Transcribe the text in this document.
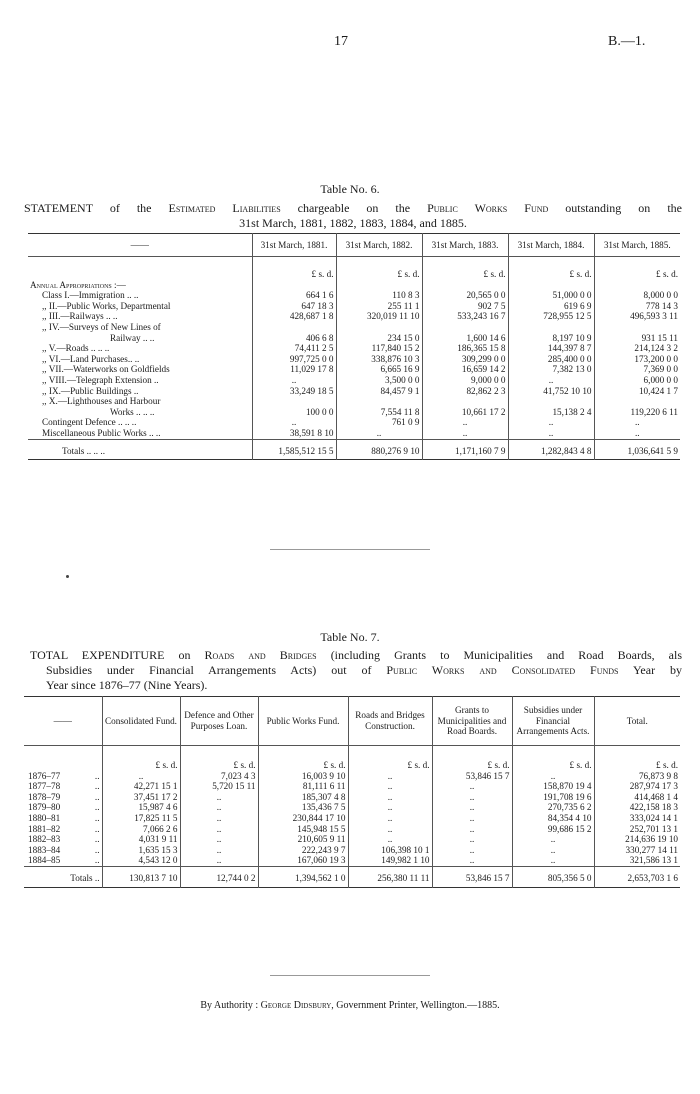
17	B.—1.
Table No. 6.
STATEMENT of the Estimated Liabilities chargeable on the Public Works Fund outstanding on the
31st March, 1881, 1882, 1883, 1884, and 1885.
——	31st March, 1881.	31st March, 1882.	31st March, 1883.	31st March, 1884.	31st March, 1885.
	£ s. d.	£ s. d.	£ s. d.	£ s. d.	£ s. d.
Annual Appropriations :—					
Class I.—Immigration .. ..	664 1 6	110 8 3	20,565 0 0	51,000 0 0	8,000 0 0
,, II.—Public Works, Departmental	647 18 3	255 11 1	902 7 5	619 6 9	778 14 3
,, III.—Railways .. ..	428,687 1 8	320,019 11 10	533,243 16 7	728,955 12 5	496,593 3 11
,, IV.—Surveys of New Lines of					
Railway .. ..	406 6 8	234 15 0	1,600 14 6	8,197 10 9	931 15 11
,, V.—Roads .. .. ..	74,411 2 5	117,840 15 2	186,365 15 8	144,397 8 7	214,124 3 2
,, VI.—Land Purchases.. ..	997,725 0 0	338,876 10 3	309,299 0 0	285,400 0 0	173,200 0 0
,, VII.—Waterworks on Goldfields	11,029 17 8	6,665 16 9	16,659 14 2	7,382 13 0	7,369 0 0
,, VIII.—Telegraph Extension ..	..	3,500 0 0	9,000 0 0	..	6,000 0 0
,, IX.—Public Buildings ..	33,249 18 5	84,457 9 1	82,862 2 3	41,752 10 10	10,424 1 7
,, X.—Lighthouses and Harbour					
Works .. .. ..	100 0 0	7,554 11 8	10,661 17 2	15,138 2 4	119,220 6 11
Contingent Defence .. .. ..	..	761 0 9	..	..	..
Miscellaneous Public Works .. ..	38,591 8 10	..	..	..	..
Totals .. .. ..	1,585,512 15 5	880,276 9 10	1,171,160 7 9	1,282,843 4 8	1,036,641 5 9
Table No. 7.
TOTAL EXPENDITURE on Roads and Bridges (including Grants to Municipalities and Road Boards, als
Subsidies under Financial Arrangements Acts) out of Public Works and Consolidated Funds Year by
Year since 1876–77 (Nine Years).
——	Consolidated Fund.	Defence and Other Purposes Loan.	Public Works Fund.	Roads and Bridges Construction.	Grants to Municipalities and Road Boards.	Subsidies under Financial Arrangements Acts.	Total.
	£ s. d.	£ s. d.	£ s. d.	£ s. d.	£ s. d.	£ s. d.	£ s. d.
1876–77 ..	..	7,023 4 3	16,003 9 10	..	53,846 15 7	..	76,873 9 8
1877–78 ..	42,271 15 1	5,720 15 11	81,111 6 11	..	..	158,870 19 4	287,974 17 3
1878–79 ..	37,451 17 2	..	185,307 4 8	..	..	191,708 19 6	414,468 1 4
1879–80 ..	15,987 4 6	..	135,436 7 5	..	..	270,735 6 2	422,158 18 3
1880–81 ..	17,825 11 5	..	230,844 17 10	..	..	84,354 4 10	333,024 14 1
1881–82 ..	7,066 2 6	..	145,948 15 5	..	..	99,686 15 2	252,701 13 1
1882–83 ..	4,031 9 11	..	210,605 9 11	..	..	..	214,636 19 10
1883–84 ..	1,635 15 3	..	222,243 9 7	106,398 10 1	..	..	330,277 14 11
1884–85 ..	4,543 12 0	..	167,060 19 3	149,982 1 10	..	..	321,586 13 1
Totals ..	130,813 7 10	12,744 0 2	1,394,562 1 0	256,380 11 11	53,846 15 7	805,356 5 0	2,653,703 1 6
By Authority : George Didsbury, Government Printer, Wellington.—1885.
